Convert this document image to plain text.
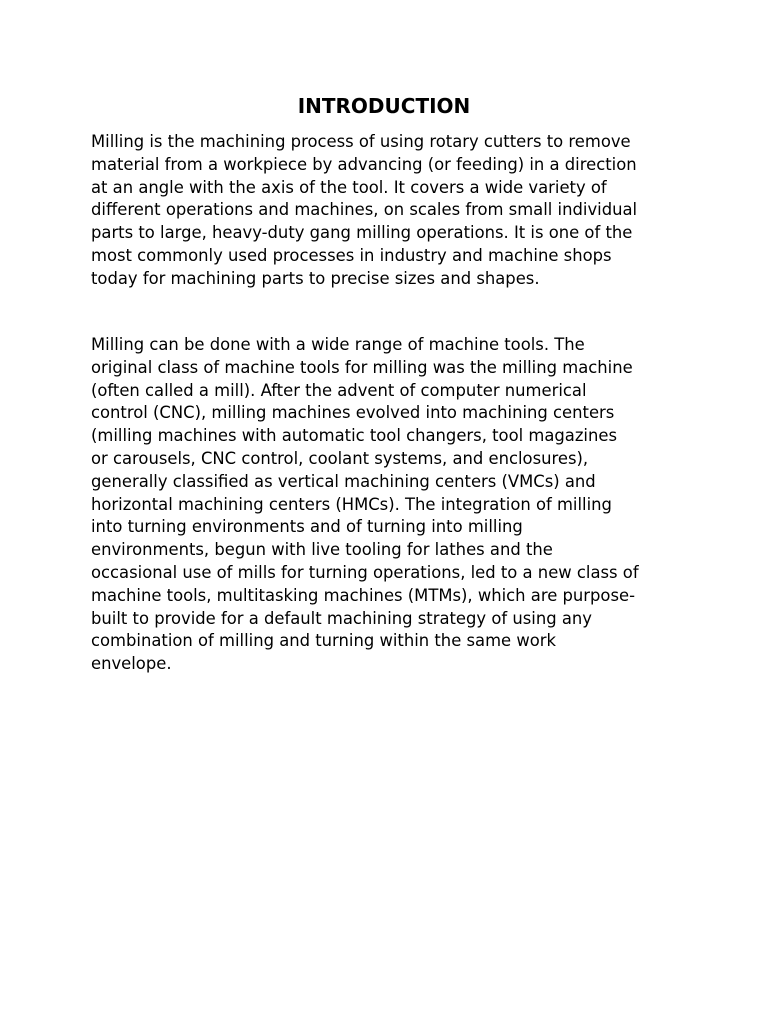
INTRODUCTION

Milling is the machining process of using rotary cutters to remove
material from a workpiece by advancing (or feeding) in a direction
at an angle with the axis of the tool. It covers a wide variety of
different operations and machines, on scales from small individual
parts to large, heavy-duty gang milling operations. It is one of the
most commonly used processes in industry and machine shops
today for machining parts to precise sizes and shapes.

Milling can be done with a wide range of machine tools. The
original class of machine tools for milling was the milling machine
(often called a mill). After the advent of computer numerical
control (CNC), milling machines evolved into machining centers
(milling machines with automatic tool changers, tool magazines
or carousels, CNC control, coolant systems, and enclosures),
generally classified as vertical machining centers (VMCs) and
horizontal machining centers (HMCs). The integration of milling
into turning environments and of turning into milling
environments, begun with live tooling for lathes and the
occasional use of mills for turning operations, led to a new class of
machine tools, multitasking machines (MTMs), which are purpose-
built to provide for a default machining strategy of using any
combination of milling and turning within the same work
envelope.
